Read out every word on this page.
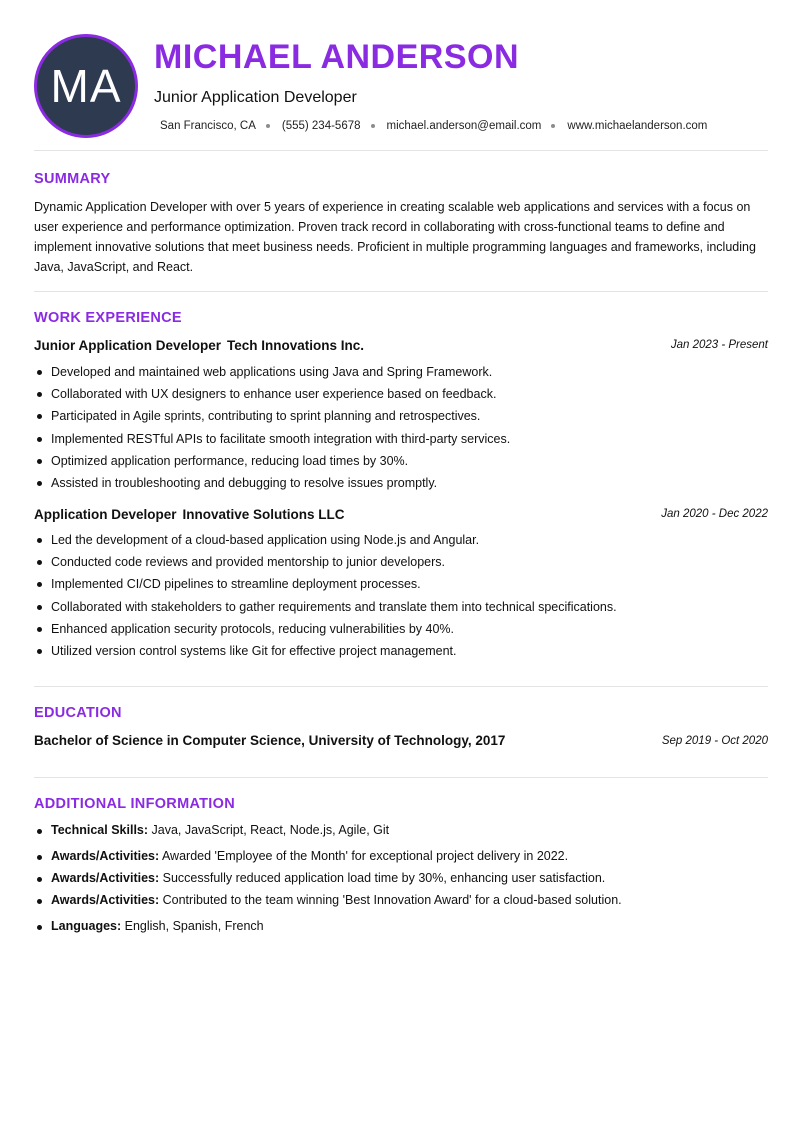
MA
MICHAEL ANDERSON

Junior Application Developer

San Francisco, CA (555) 234-5678 michael.anderson@email.com www.michaelanderson.com
SUMMARY

Dynamic Application Developer with over 5 years of experience in creating scalable web applications and services with a focus on user experience and performance optimization. Proven track record in collaborating with cross-functional teams to define and implement innovative solutions that meet business needs. Proficient in multiple programming languages and frameworks, including Java, JavaScript, and React.

WORK EXPERIENCE
Junior Application Developer Tech Innovations Inc.	Jan 2023 - Present
Developed and maintained web applications using Java and Spring Framework.
Collaborated with UX designers to enhance user experience based on feedback.
Participated in Agile sprints, contributing to sprint planning and retrospectives.
Implemented RESTful APIs to facilitate smooth integration with third-party services.
Optimized application performance, reducing load times by 30%.
Assisted in troubleshooting and debugging to resolve issues promptly.
Application Developer Innovative Solutions LLC	Jan 2020 - Dec 2022
Led the development of a cloud-based application using Node.js and Angular.
Conducted code reviews and provided mentorship to junior developers.
Implemented CI/CD pipelines to streamline deployment processes.
Collaborated with stakeholders to gather requirements and translate them into technical specifications.
Enhanced application security protocols, reducing vulnerabilities by 40%.
Utilized version control systems like Git for effective project management.
EDUCATION
Bachelor of Science in Computer Science, University of Technology, 2017	Sep 2019 - Oct 2020
ADDITIONAL INFORMATION
Technical Skills: Java, JavaScript, React, Node.js, Agile, Git
Awards/Activities: Awarded 'Employee of the Month' for exceptional project delivery in 2022.
Awards/Activities: Successfully reduced application load time by 30%, enhancing user satisfaction.
Awards/Activities: Contributed to the team winning 'Best Innovation Award' for a cloud-based solution.
Languages: English, Spanish, French
